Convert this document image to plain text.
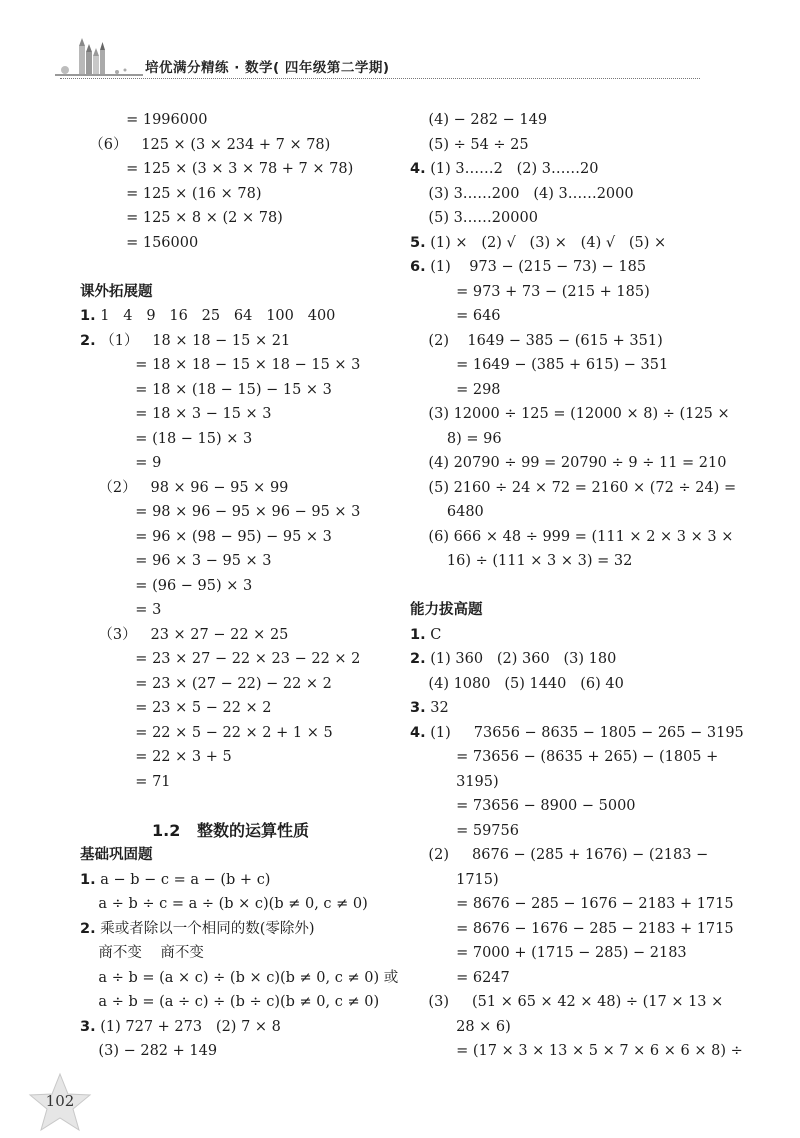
培优满分精练 · 数学( 四年级第二学期)
= 1996000
（6）   125 × (3 × 234 + 7 × 78)
= 125 × (3 × 3 × 78 + 7 × 78)
= 125 × (16 × 78)
= 125 × 8 × (2 × 78)
= 156000
课外拓展题
1. 1   4   9   16   25   64   100   400
2. （1）   18 × 18 − 15 × 21
= 18 × 18 − 15 × 18 − 15 × 3
= 18 × (18 − 15) − 15 × 3
= 18 × 3 − 15 × 3
= (18 − 15) × 3
= 9
（2）   98 × 96 − 95 × 99
= 98 × 96 − 95 × 96 − 95 × 3
= 96 × (98 − 95) − 95 × 3
= 96 × 3 − 95 × 3
= (96 − 95) × 3
= 3
（3）   23 × 27 − 22 × 25
= 23 × 27 − 22 × 23 − 22 × 2
= 23 × (27 − 22) − 22 × 2
= 23 × 5 − 22 × 2
= 22 × 5 − 22 × 2 + 1 × 5
= 22 × 3 + 5
= 71
1.2   整数的运算性质
基础巩固题
1. a − b − c = a − (b + c)
a ÷ b ÷ c = a ÷ (b × c)(b ≠ 0, c ≠ 0)
2. 乘或者除以一个相同的数(零除外)
商不变    商不变
a ÷ b = (a × c) ÷ (b × c)(b ≠ 0, c ≠ 0) 或
a ÷ b = (a ÷ c) ÷ (b ÷ c)(b ≠ 0, c ≠ 0)
3. (1) 727 + 273   (2) 7 × 8
(3) − 282 + 149
(4) − 282 − 149
(5) ÷ 54 ÷ 25
4. (1) 3……2   (2) 3……20
(3) 3……200   (4) 3……2000
(5) 3……20000
5. (1) ×   (2) √   (3) ×   (4) √   (5) ×
6. (1)    973 − (215 − 73) − 185
= 973 + 73 − (215 + 185)
= 646
(2)    1649 − 385 − (615 + 351)
= 1649 − (385 + 615) − 351
= 298
(3) 12000 ÷ 125 = (12000 × 8) ÷ (125 ×
8) = 96
(4) 20790 ÷ 99 = 20790 ÷ 9 ÷ 11 = 210
(5) 2160 ÷ 24 × 72 = 2160 × (72 ÷ 24) =
6480
(6) 666 × 48 ÷ 999 = (111 × 2 × 3 × 3 ×
16) ÷ (111 × 3 × 3) = 32
能力拔高题
1. C
2. (1) 360   (2) 360   (3) 180
(4) 1080   (5) 1440   (6) 40
3. 32
4. (1)     73656 − 8635 − 1805 − 265 − 3195
= 73656 − (8635 + 265) − (1805 +
3195)
= 73656 − 8900 − 5000
= 59756
(2)     8676 − (285 + 1676) − (2183 −
1715)
= 8676 − 285 − 1676 − 2183 + 1715
= 8676 − 1676 − 285 − 2183 + 1715
= 7000 + (1715 − 285) − 2183
= 6247
(3)     (51 × 65 × 42 × 48) ÷ (17 × 13 ×
28 × 6)
= (17 × 3 × 13 × 5 × 7 × 6 × 6 × 8) ÷
102
